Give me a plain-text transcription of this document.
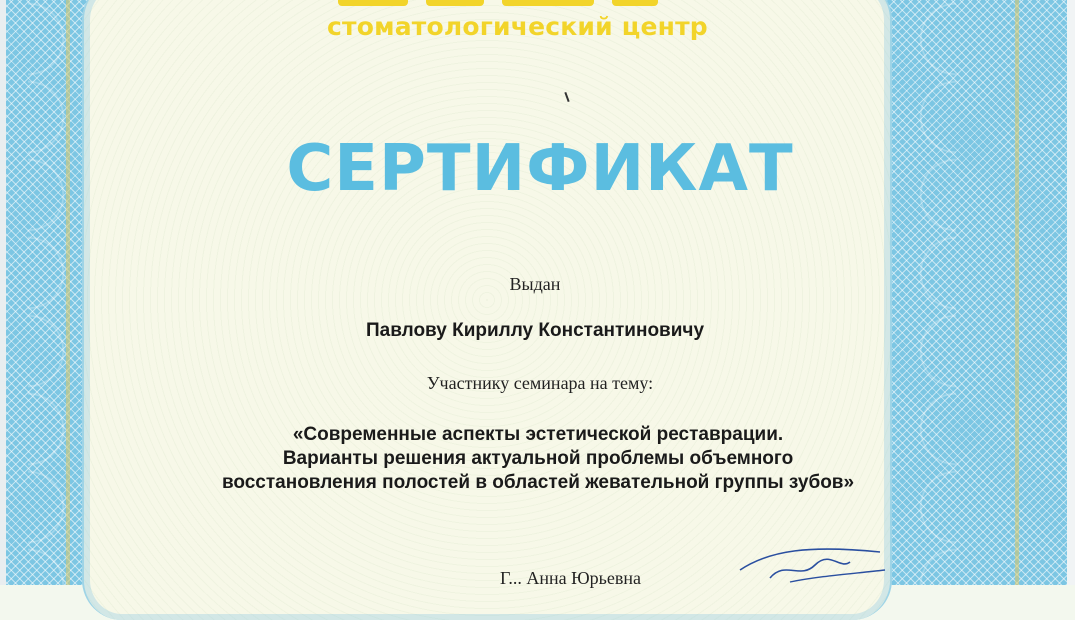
стоматологический центр
СЕРТИФИКАТ
Выдан
Павлову Кириллу Константиновичу
Участнику семинара на тему:
«Современные аспекты эстетической реставрации.
Варианты решения актуальной проблемы объемного
восстановления полостей в областей жевательной группы зубов»
Г... Анна Юрьевна
